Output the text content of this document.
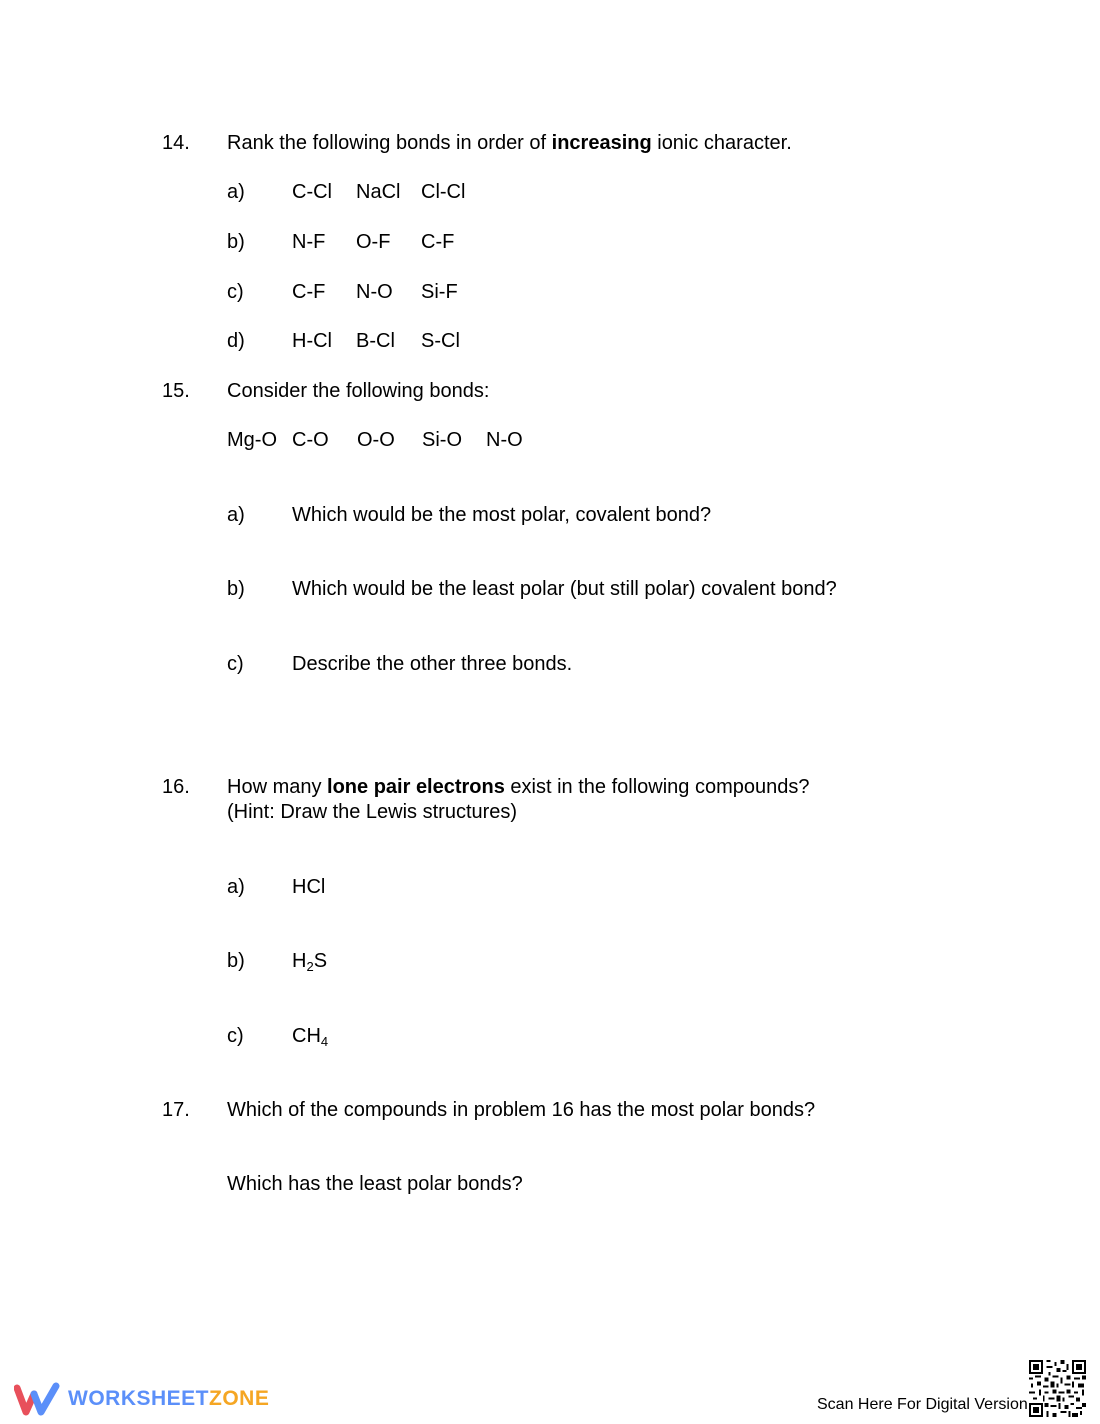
14. Rank the following bonds in order of increasing ionic character.
a) C-Cl NaCl Cl-Cl
b) N-F O-F C-F
c) C-F N-O Si-F
d) H-Cl B-Cl S-Cl
15. Consider the following bonds:
Mg-O C-O O-O Si-O N-O
a) Which would be the most polar, covalent bond?
b) Which would be the least polar (but still polar) covalent bond?
c) Describe the other three bonds.
16. How many lone pair electrons exist in the following compounds?
(Hint: Draw the Lewis structures)
a) HCl
b) $H_2S$
c) $CH_4$
17. Which of the compounds in problem 16 has the most polar bonds?
Which has the least polar bonds?
WORKSHEETZONE	Scan Here For Digital Version
